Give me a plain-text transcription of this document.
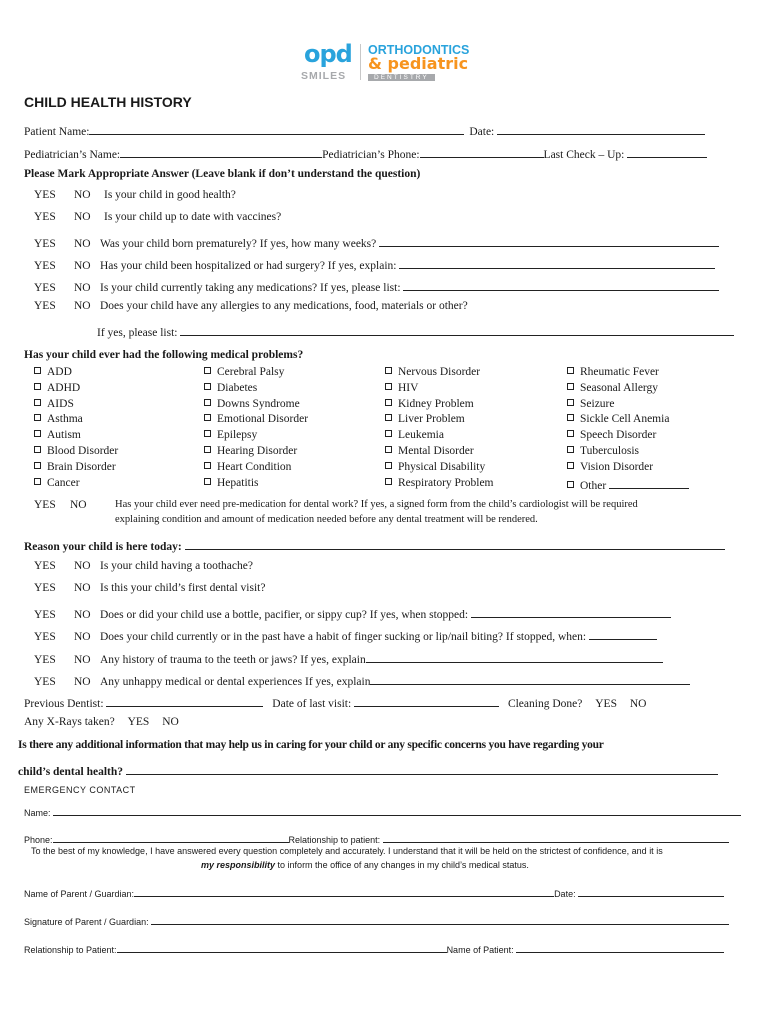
opd
SMILES
ORTHODONTICS
& pediatric
DENTISTRY
CHILD HEALTH HISTORY
Patient Name:	Date:
Pediatrician’s Name:	Pediatrician’s Phone:	Last Check – Up:
Please Mark Appropriate Answer (Leave blank if don’t understand the question)
YES NO Is your child in good health?
YES NO Is your child up to date with vaccines?
YES NO Was your child born prematurely? If yes, how many weeks?
YES NO Has your child been hospitalized or had surgery? If yes, explain:
YES NO Is your child currently taking any medications? If yes, please list:
YES NO Does your child have any allergies to any medications, food, materials or other?
If yes, please list:
Has your child ever had the following medical problems?
ADD
ADHD
AIDS
Asthma
Autism
Blood Disorder
Brain Disorder
Cancer
Cerebral Palsy
Diabetes
Downs Syndrome
Emotional Disorder
Epilepsy
Hearing Disorder
Heart Condition
Hepatitis
Nervous Disorder
HIV
Kidney Problem
Liver Problem
Leukemia
Mental Disorder
Physical Disability
Respiratory Problem
Rheumatic Fever
Seasonal Allergy
Seizure
Sickle Cell Anemia
Speech Disorder
Tuberculosis
Vision Disorder
Other
YES NO	Has your child ever need pre-medication for dental work? If yes, a signed form from the child’s cardiologist will be required
explaining condition and amount of medication needed before any dental treatment will be rendered.
Reason your child is here today:
YES NO Is your child having a toothache?
YES NO Is this your child’s first dental visit?
YES NO Does or did your child use a bottle, pacifier, or sippy cup? If yes, when stopped:
YES NO Does your child currently or in the past have a habit of finger sucking or lip/nail biting? If stopped, when:
YES NO Any history of trauma to the teeth or jaws? If yes, explain
YES NO Any unhappy medical or dental experiences If yes, explain
Previous Dentist:	Date of last visit:	Cleaning Done? YES NO
Any X-Rays taken? YES NO
Is there any additional information that may help us in caring for your child or any specific concerns you have regarding your
child’s dental health?
EMERGENCY CONTACT
Name:
Phone:	Relationship to patient:
To the best of my knowledge, I have answered every question completely and accurately. I understand that it will be held on the strictest of confidence, and it is
my responsibility to inform the office of any changes in my child’s medical status.
Name of Parent / Guardian:	Date:
Signature of Parent / Guardian:
Relationship to Patient:	Name of Patient:
